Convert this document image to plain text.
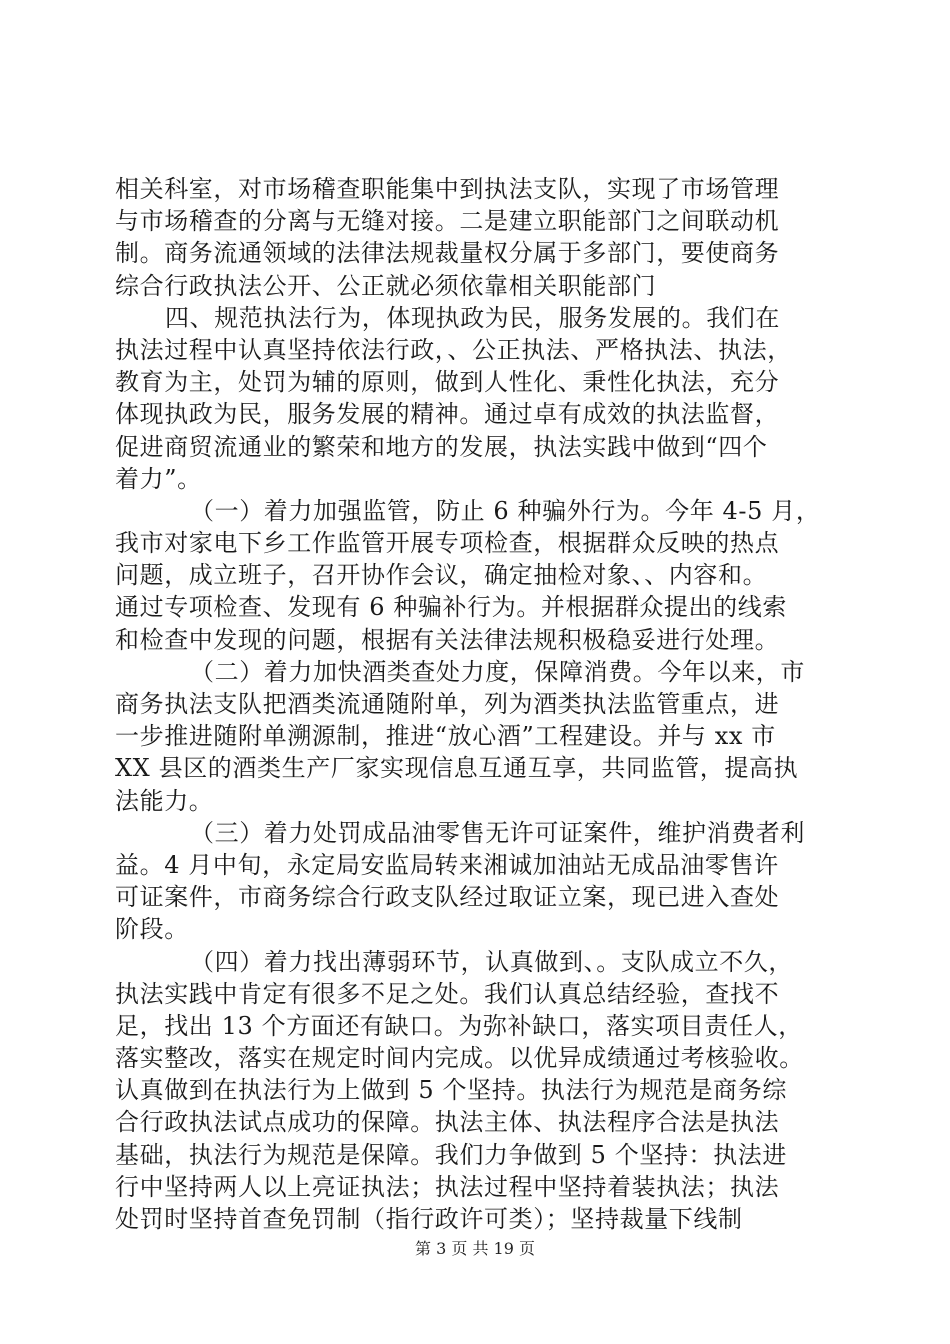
相关科室，对市场稽查职能集中到执法支队，实现了市场管理
与市场稽查的分离与无缝对接。二是建立职能部门之间联动机
制。商务流通领域的法律法规裁量权分属于多部门，要使商务
综合行政执法公开、公正就必须依靠相关职能部门
四、规范执法行为，体现执政为民，服务发展的。我们在
执法过程中认真坚持依法行政，、公正执法、严格执法、执法，
教育为主，处罚为辅的原则，做到人性化、秉性化执法，充分
体现执政为民，服务发展的精神。通过卓有成效的执法监督，
促进商贸流通业的繁荣和地方的发展，执法实践中做到“四个
着力”。
（一）着力加强监管，防止 6 种骗外行为。今年 4-5 月，
我市对家电下乡工作监管开展专项检查，根据群众反映的热点
问题，成立班子，召开协作会议，确定抽检对象、、内容和。
通过专项检查、发现有 6 种骗补行为。并根据群众提出的线索
和检查中发现的问题，根据有关法律法规积极稳妥进行处理。
（二）着力加快酒类查处力度，保障消费。今年以来，市
商务执法支队把酒类流通随附单，列为酒类执法监管重点，进
一步推进随附单溯源制，推进“放心酒”工程建设。并与 xx 市
XX 县区的酒类生产厂家实现信息互通互享，共同监管，提高执
法能力。
（三）着力处罚成品油零售无许可证案件，维护消费者利
益。4 月中旬，永定局安监局转来湘诚加油站无成品油零售许
可证案件，市商务综合行政支队经过取证立案，现已进入查处
阶段。
（四）着力找出薄弱环节，认真做到、。支队成立不久，
执法实践中肯定有很多不足之处。我们认真总结经验，查找不
足，找出 13 个方面还有缺口。为弥补缺口，落实项目责任人，
落实整改，落实在规定时间内完成。以优异成绩通过考核验收。
认真做到在执法行为上做到 5 个坚持。执法行为规范是商务综
合行政执法试点成功的保障。执法主体、执法程序合法是执法
基础，执法行为规范是保障。我们力争做到 5 个坚持：执法进
行中坚持两人以上亮证执法；执法过程中坚持着装执法；执法
处罚时坚持首查免罚制（指行政许可类）；坚持裁量下线制
第 3 页 共 19 页
